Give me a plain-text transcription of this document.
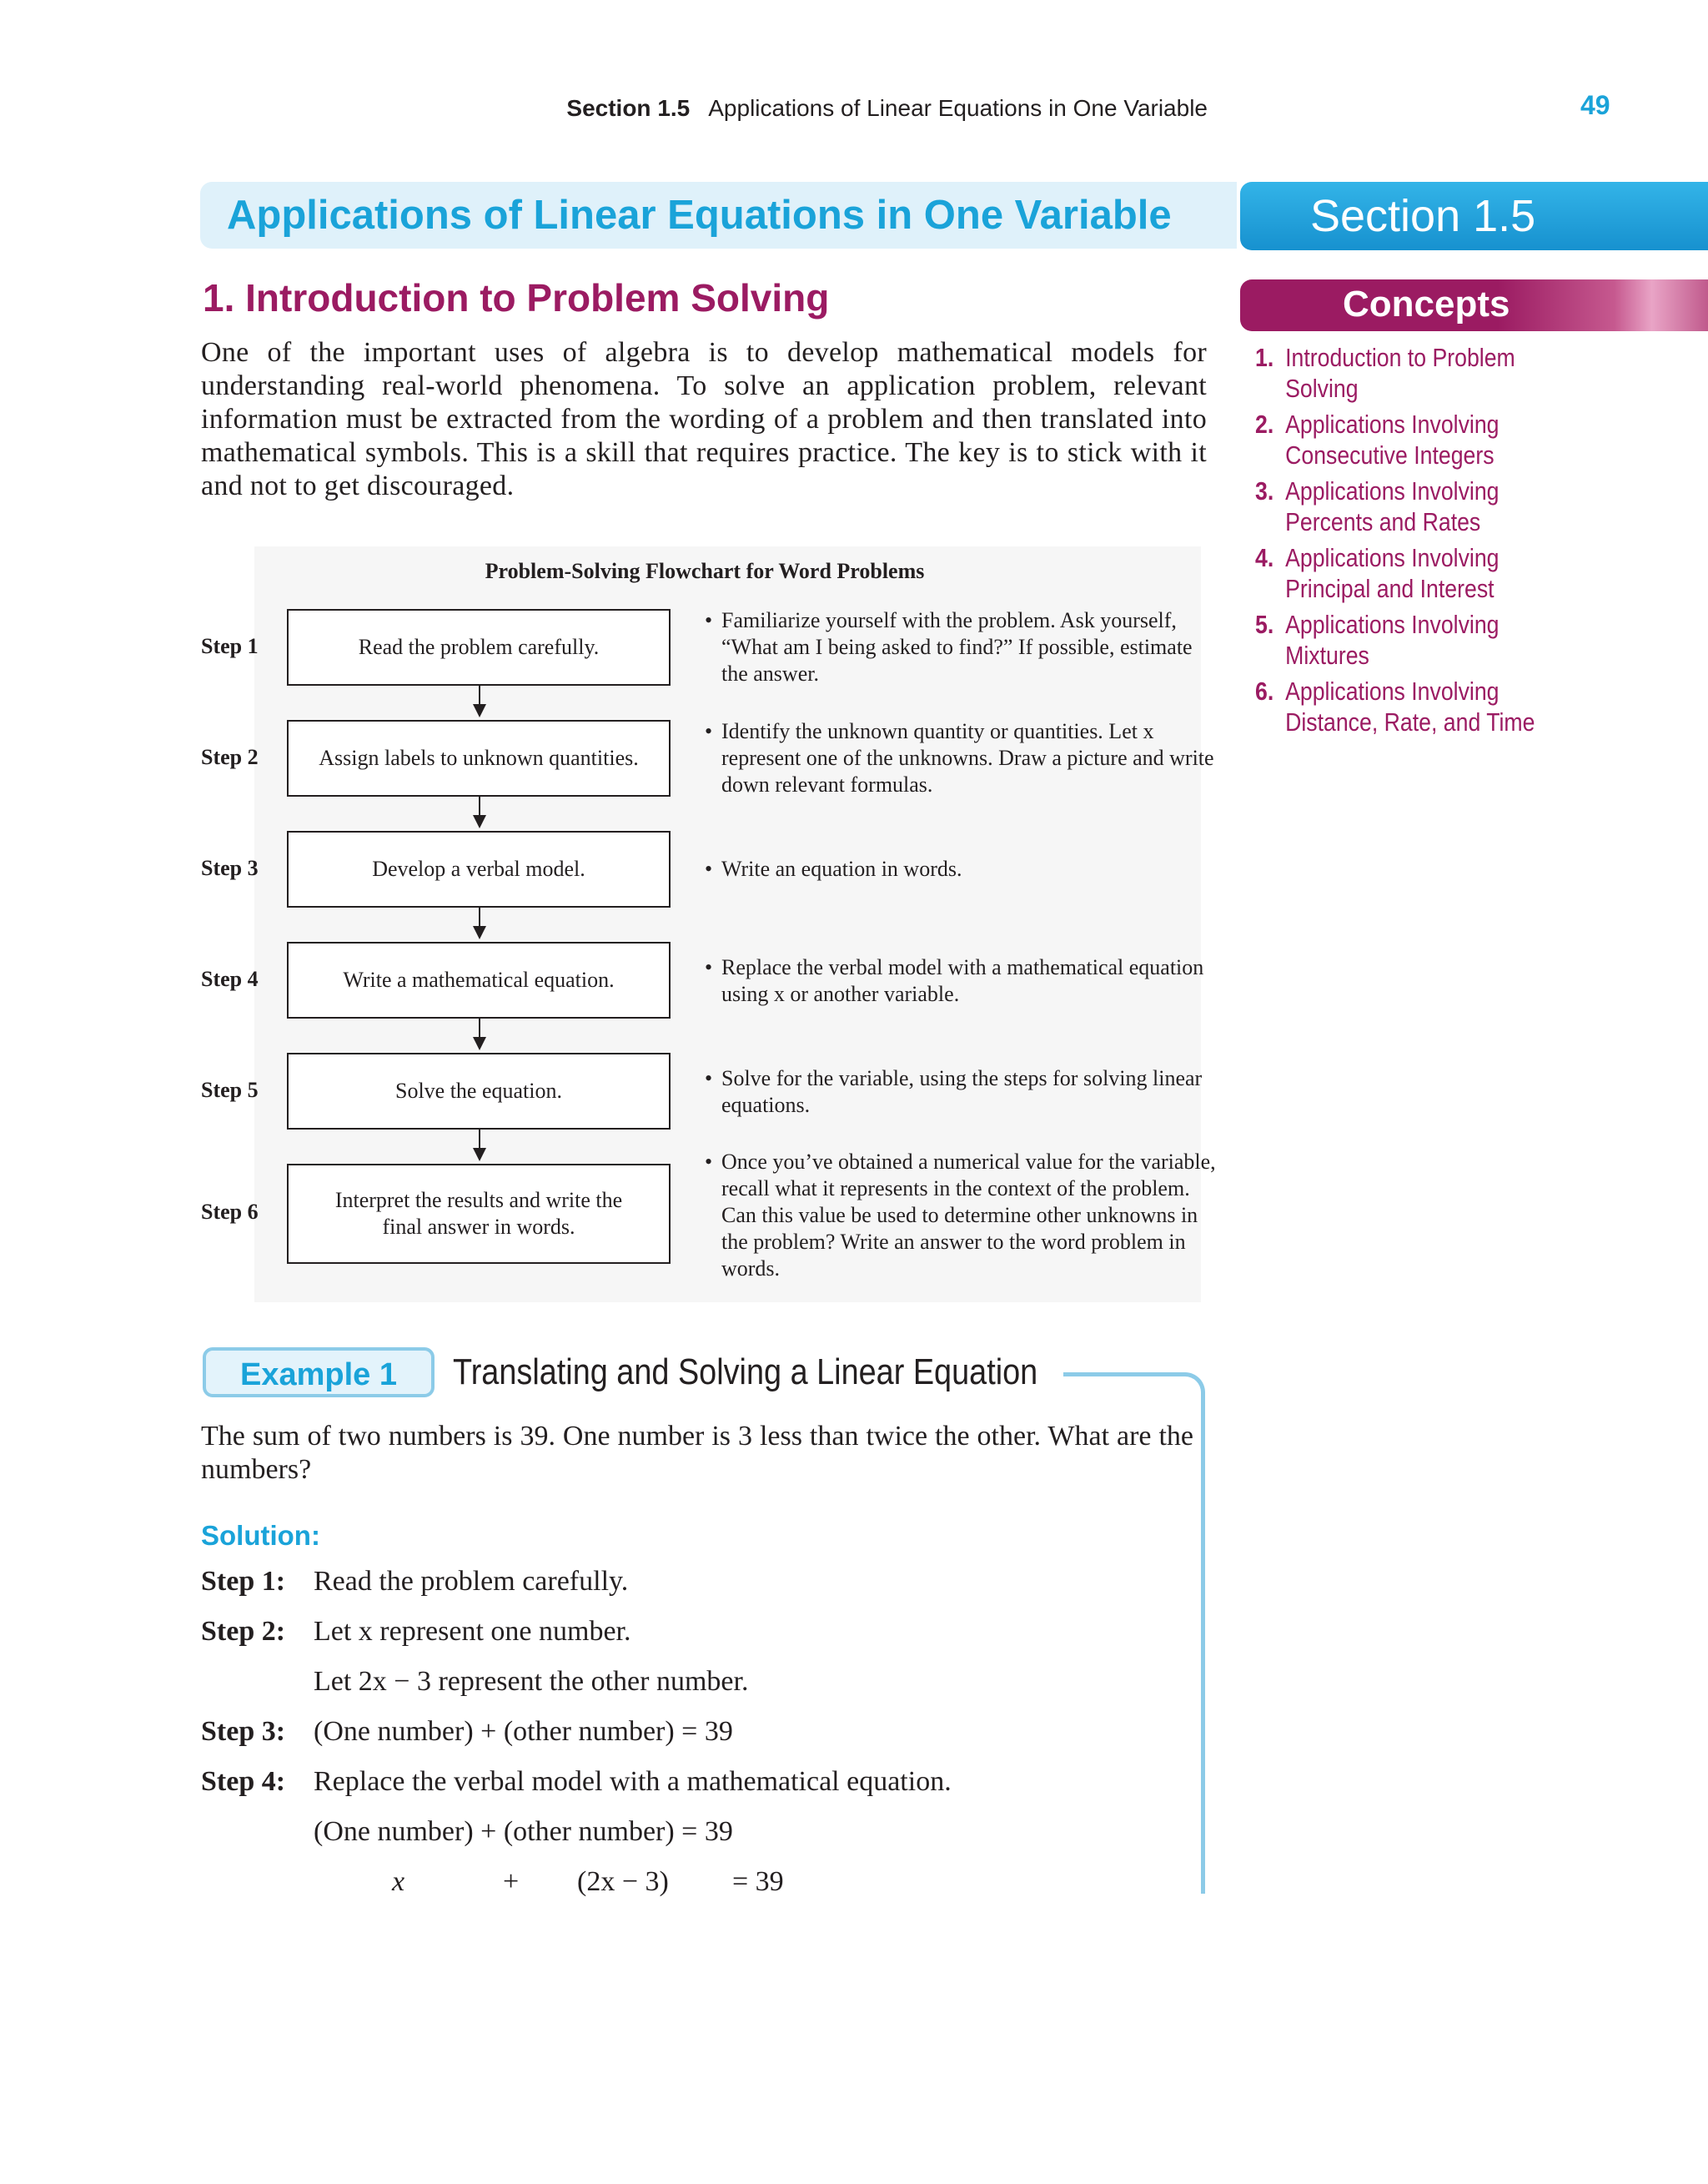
Section 1.5 Applications of Linear Equations in One Variable	49
Applications of Linear Equations in One Variable	Section 1.5
1. Introduction to Problem Solving

One of the important uses of algebra is to develop mathematical models for understanding real-world phenomena. To solve an application problem, relevant information must be extracted from the wording of a problem and then translated into mathematical symbols. This is a skill that requires practice. The key is to stick with it and not to get discouraged.

Concepts
1. Introduction to Problem Solving
2. Applications Involving Consecutive Integers
3. Applications Involving Percents and Rates
4. Applications Involving Principal and Interest
5. Applications Involving Mixtures
6. Applications Involving Distance, Rate, and Time
Problem-Solving Flowchart for Word Problems
Step 1	Read the problem carefully.
• Familiarize yourself with the problem. Ask yourself, “What am I being asked to find?” If possible, estimate the answer.
Step 2	Assign labels to unknown quantities.
• Identify the unknown quantity or quantities. Let x represent one of the unknowns. Draw a picture and write down relevant formulas.
Step 3	Develop a verbal model.	• Write an equation in words.
Step 4	Write a mathematical equation.
• Replace the verbal model with a mathematical equation using x or another variable.
Step 5	Solve the equation.
• Solve for the variable, using the steps for solving linear equations.
Step 6	Interpret the results and write the final answer in words.
• Once you’ve obtained a numerical value for the variable, recall what it represents in the context of the problem. Can this value be used to determine other unknowns in the problem? Write an answer to the word problem in words.
Example 1	Translating and Solving a Linear Equation

The sum of two numbers is 39. One number is 3 less than twice the other. What are the numbers?

Solution:
Step 1: Read the problem carefully.
Step 2: Let x represent one number.
Let 2x − 3 represent the other number.
Step 3: (One number) + (other number) = 39
Step 4: Replace the verbal model with a mathematical equation.
(One number) + (other number) = 39
x	+ (2x − 3) = 39
